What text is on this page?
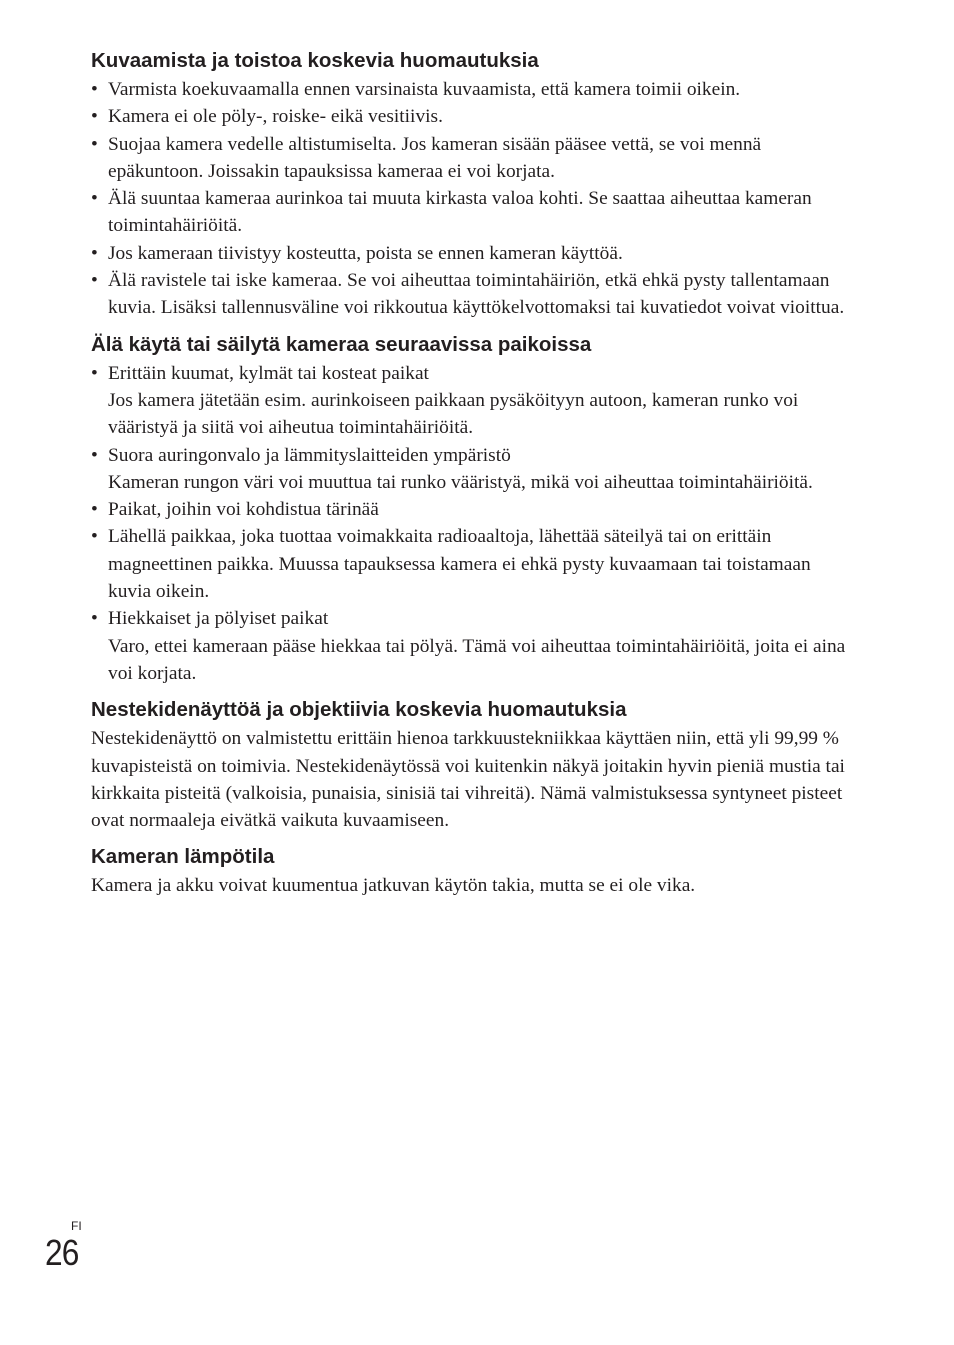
Kuvaamista ja toistoa koskevia huomautuksia
• Varmista koekuvaamalla ennen varsinaista kuvaamista, että kamera toimii oikein.
• Kamera ei ole pöly-, roiske- eikä vesitiivis.
• Suojaa kamera vedelle altistumiselta. Jos kameran sisään pääsee vettä, se voi mennä epäkuntoon. Joissakin tapauksissa kameraa ei voi korjata.
• Älä suuntaa kameraa aurinkoa tai muuta kirkasta valoa kohti. Se saattaa aiheuttaa kameran toimintahäiriöitä.
• Jos kameraan tiivistyy kosteutta, poista se ennen kameran käyttöä.
• Älä ravistele tai iske kameraa. Se voi aiheuttaa toimintahäiriön, etkä ehkä pysty tallentamaan kuvia. Lisäksi tallennusväline voi rikkoutua käyttökelvottomaksi tai kuvatiedot voivat vioittua.
Älä käytä tai säilytä kameraa seuraavissa paikoissa
• Erittäin kuumat, kylmät tai kosteat paikat
Jos kamera jätetään esim. aurinkoiseen paikkaan pysäköityyn autoon, kameran runko voi vääristyä ja siitä voi aiheutua toimintahäiriöitä.
• Suora auringonvalo ja lämmityslaitteiden ympäristö
Kameran rungon väri voi muuttua tai runko vääristyä, mikä voi aiheuttaa toimintahäiriöitä.
• Paikat, joihin voi kohdistua tärinää
• Lähellä paikkaa, joka tuottaa voimakkaita radioaaltoja, lähettää säteilyä tai on erittäin magneettinen paikka. Muussa tapauksessa kamera ei ehkä pysty kuvaamaan tai toistamaan kuvia oikein.
• Hiekkaiset ja pölyiset paikat
Varo, ettei kameraan pääse hiekkaa tai pölyä. Tämä voi aiheuttaa toimintahäiriöitä, joita ei aina voi korjata.
Nestekidenäyttöä ja objektiivia koskevia huomautuksia

Nestekidenäyttö on valmistettu erittäin hienoa tarkkuustekniikkaa käyttäen niin, että yli 99,99 % kuvapisteistä on toimivia. Nestekidenäytössä voi kuitenkin näkyä joitakin hyvin pieniä mustia tai kirkkaita pisteitä (valkoisia, punaisia, sinisiä tai vihreitä). Nämä valmistuksessa syntyneet pisteet ovat normaaleja eivätkä vaikuta kuvaamiseen.

Kameran lämpötila

Kamera ja akku voivat kuumentua jatkuvan käytön takia, mutta se ei ole vika.

FI
26
